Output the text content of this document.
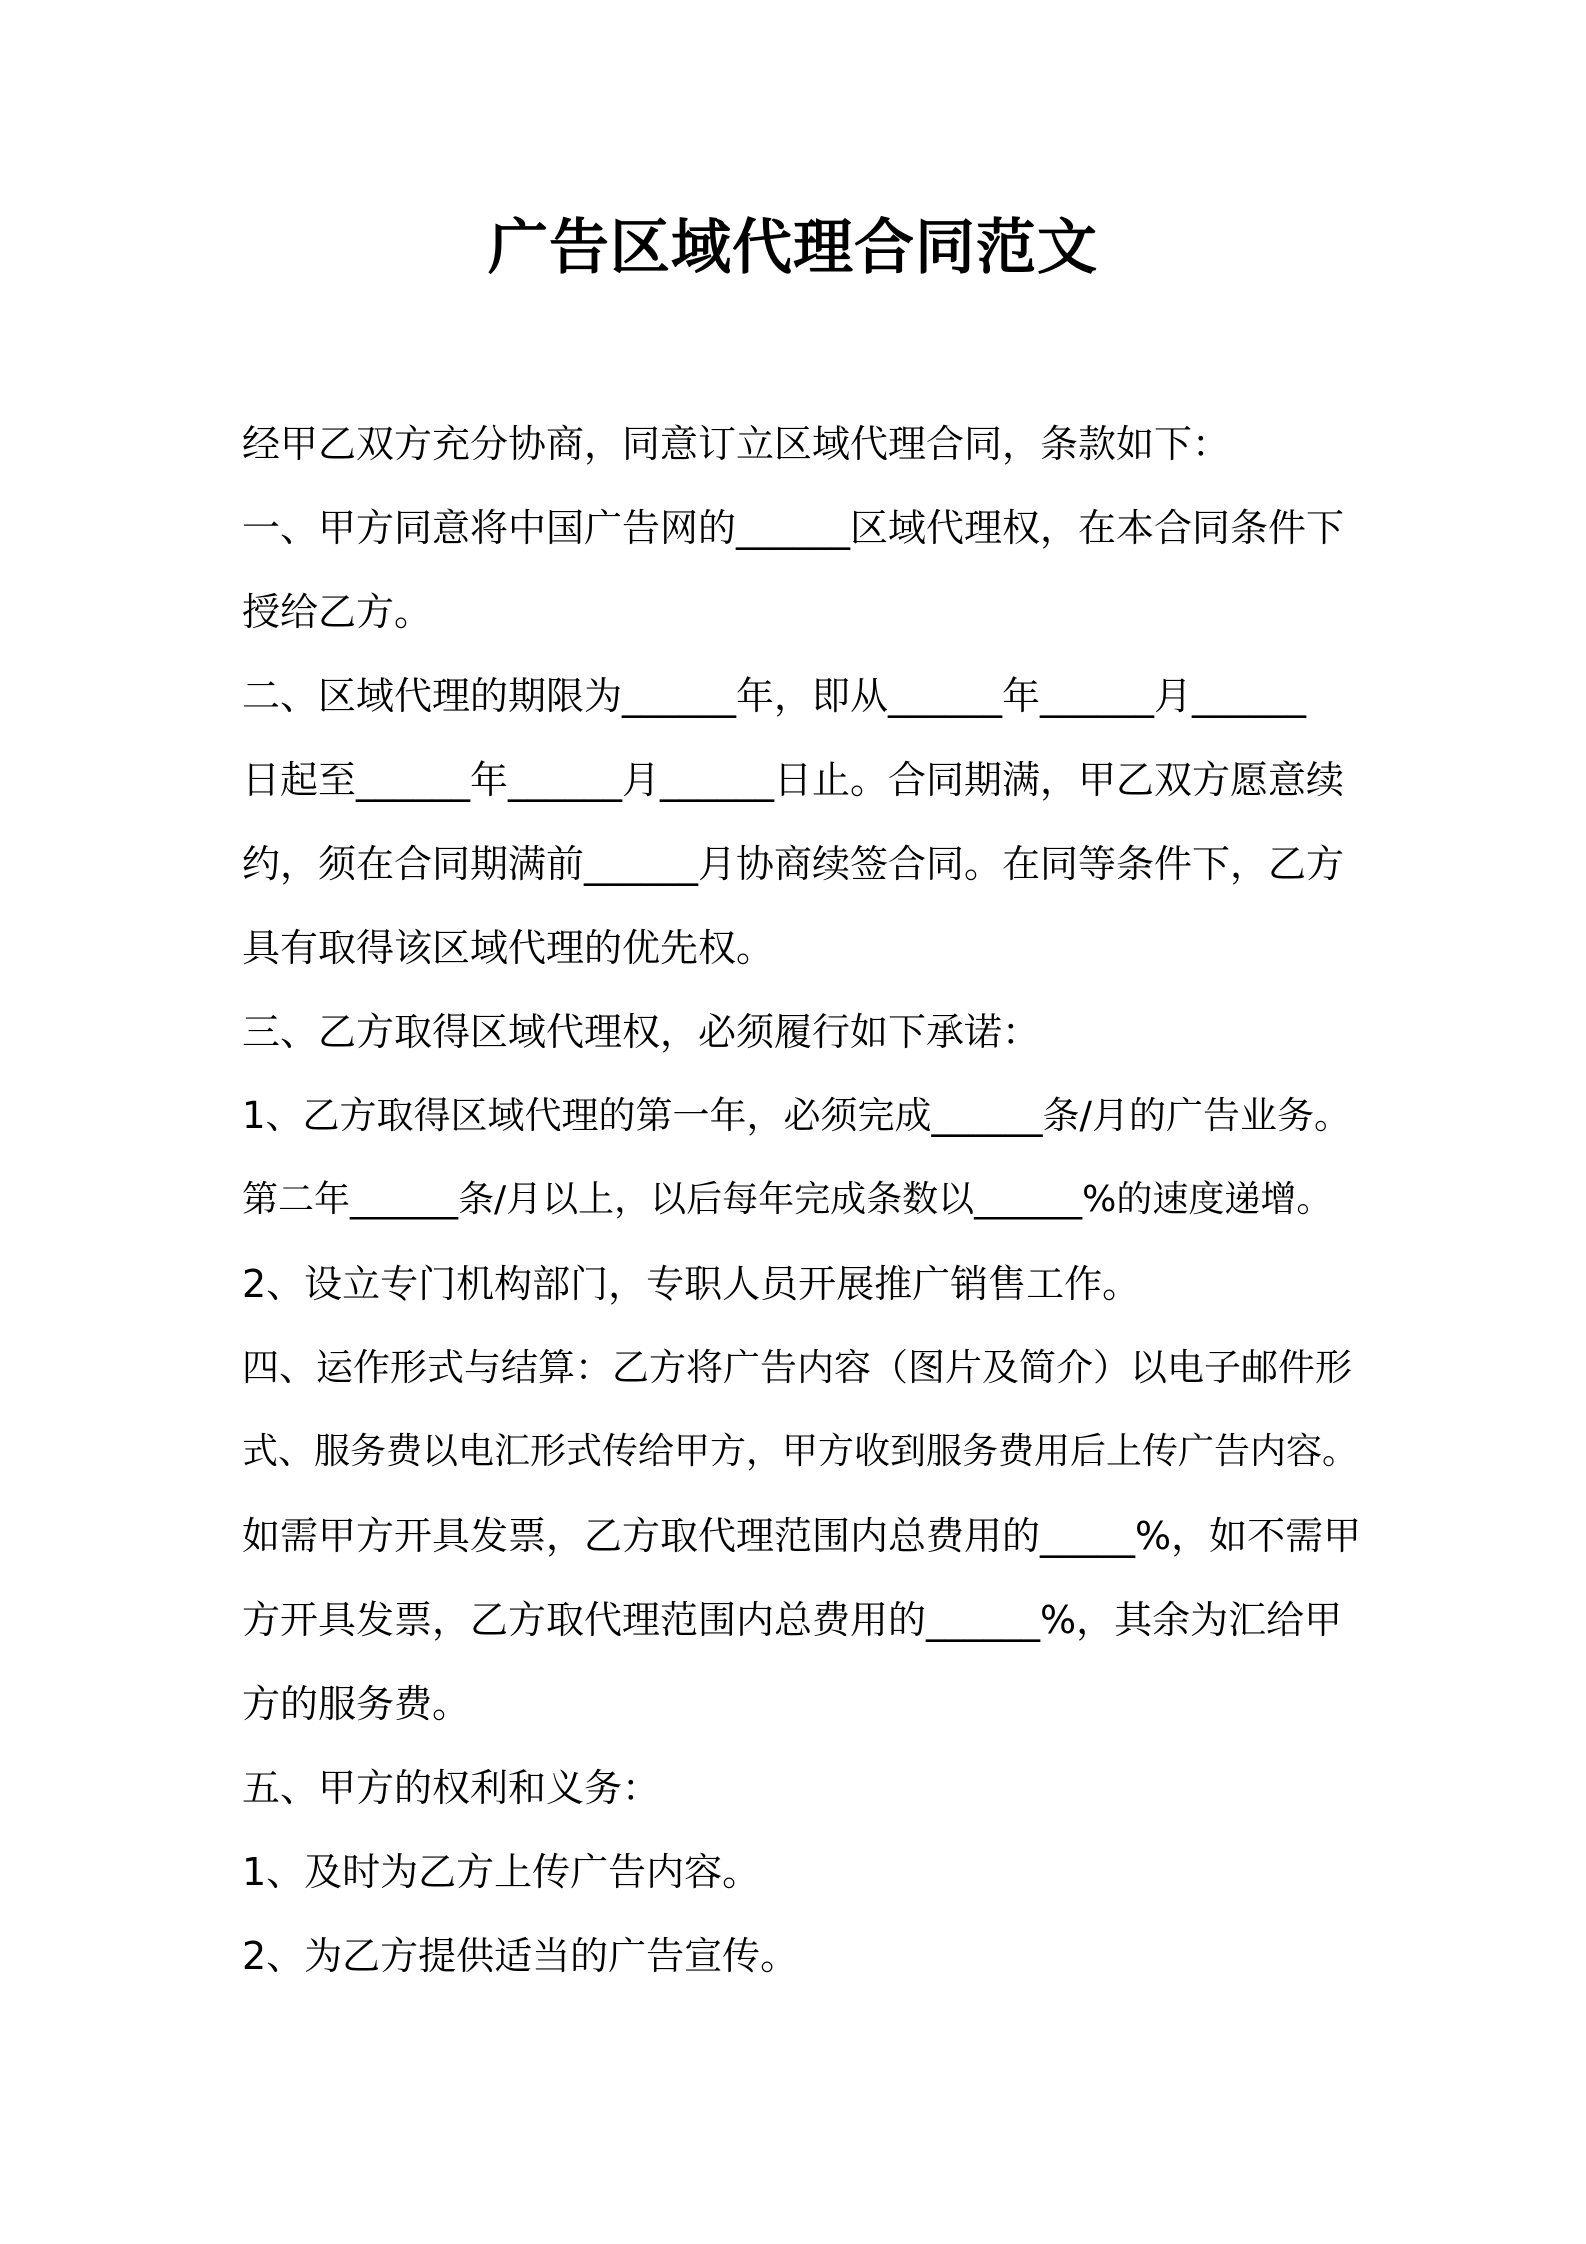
广告区域代理合同范文

经甲乙双方充分协商，同意订立区域代理合同，条款如下：

一、甲方同意将中国广告网的______区域代理权，在本合同条件下

授给乙方。

二、区域代理的期限为______年，即从______年______月______

日起至______年______月______日止。合同期满，甲乙双方愿意续

约，须在合同期满前______月协商续签合同。在同等条件下，乙方

具有取得该区域代理的优先权。

三、乙方取得区域代理权，必须履行如下承诺：

1、乙方取得区域代理的第一年，必须完成______条/月的广告业务。

第二年______条/月以上，以后每年完成条数以______%的速度递增。

2、设立专门机构部门，专职人员开展推广销售工作。

四、运作形式与结算：乙方将广告内容（图片及简介）以电子邮件形

式、服务费以电汇形式传给甲方，甲方收到服务费用后上传广告内容。

如需甲方开具发票，乙方取代理范围内总费用的_____%，如不需甲

方开具发票，乙方取代理范围内总费用的______%，其余为汇给甲

方的服务费。

五、甲方的权利和义务：

1、及时为乙方上传广告内容。

2、为乙方提供适当的广告宣传。
